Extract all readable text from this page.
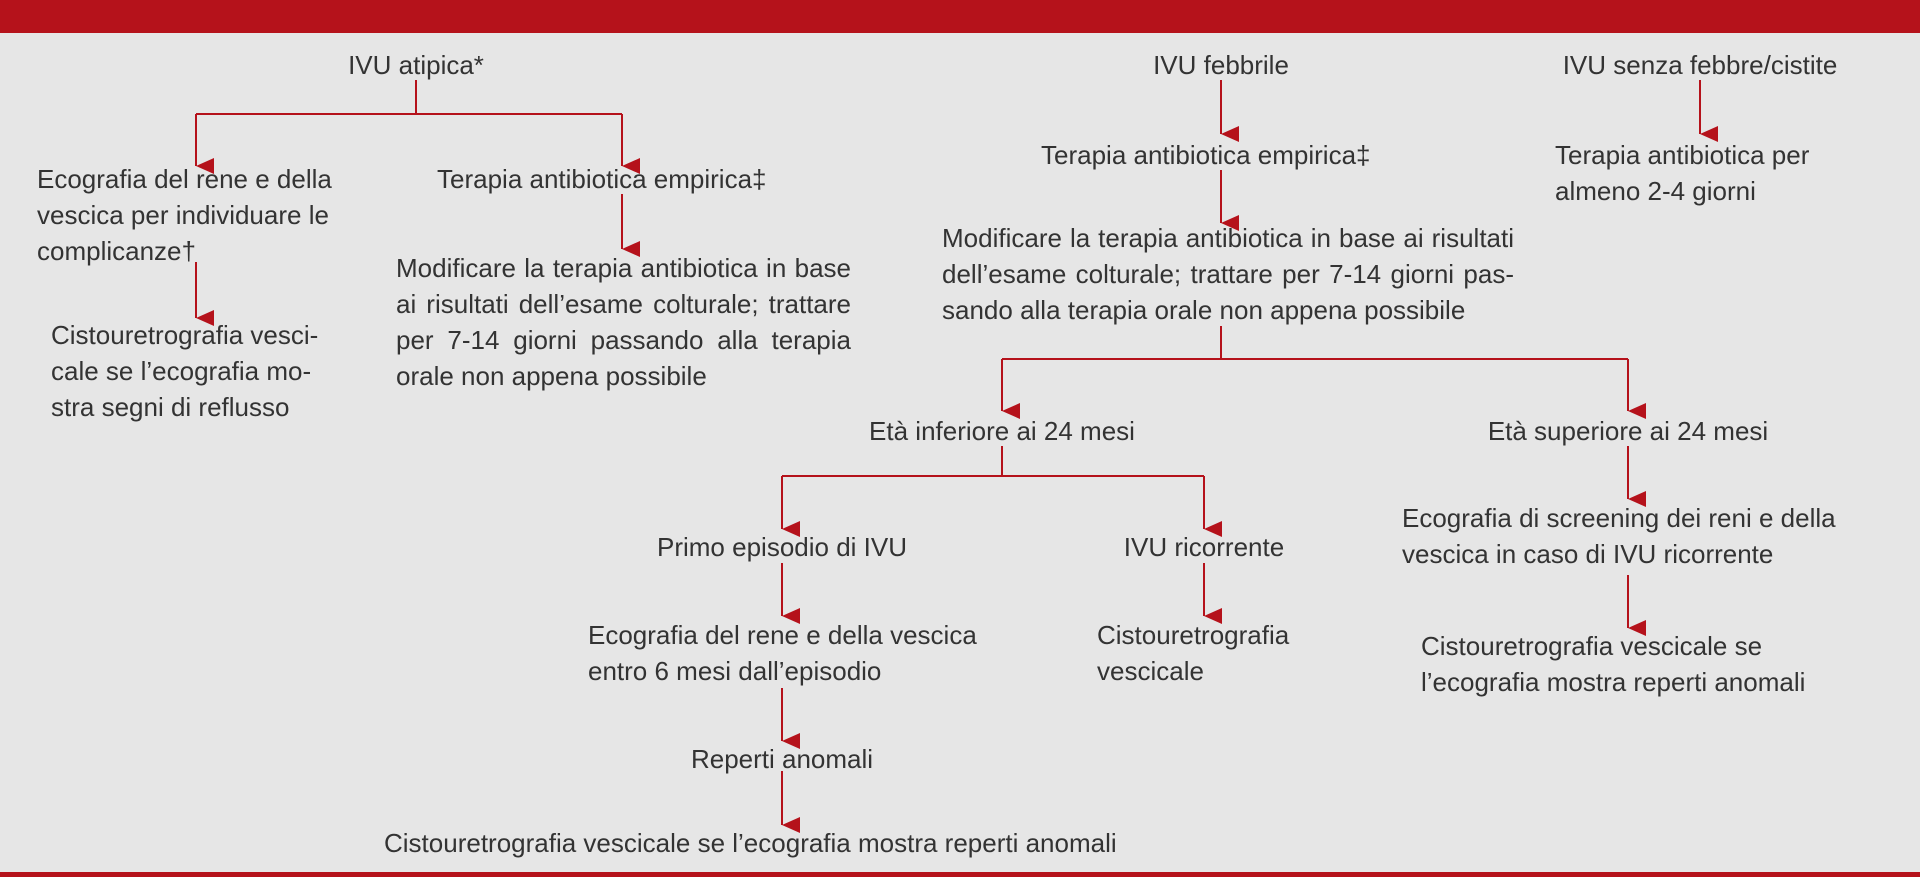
IVU atipica*
Ecografia del rene e della
vescica per individuare le
complicanze†
Terapia antibiotica empirica‡
Cistouretrografia vesci-
cale se l’ecografia mo-
stra segni di reflusso
Modificare la terapia antibiotica in base ai risultati dell’esame colturale; trattare per 7-14 giorni passando alla terapia orale non appena possibile
IVU febbrile
Terapia antibiotica empirica‡
Modificare la terapia antibiotica in base ai risultati dell’esame colturale; trattare per 7-14 giorni pas-sando alla terapia orale non appena possibile
Età inferiore ai 24 mesi	Età superiore ai 24 mesi
Primo episodio di IVU	IVU ricorrente
Ecografia di screening dei reni e della
vescica in caso di IVU ricorrente
Ecografia del rene e della vescica
entro 6 mesi dall’episodio
Cistouretrografia
vescicale
Cistouretrografia vescicale se
l’ecografia mostra reperti anomali
Reperti anomali
Cistouretrografia vescicale se l’ecografia mostra reperti anomali
IVU senza febbre/cistite
Terapia antibiotica per
almeno 2-4 giorni
